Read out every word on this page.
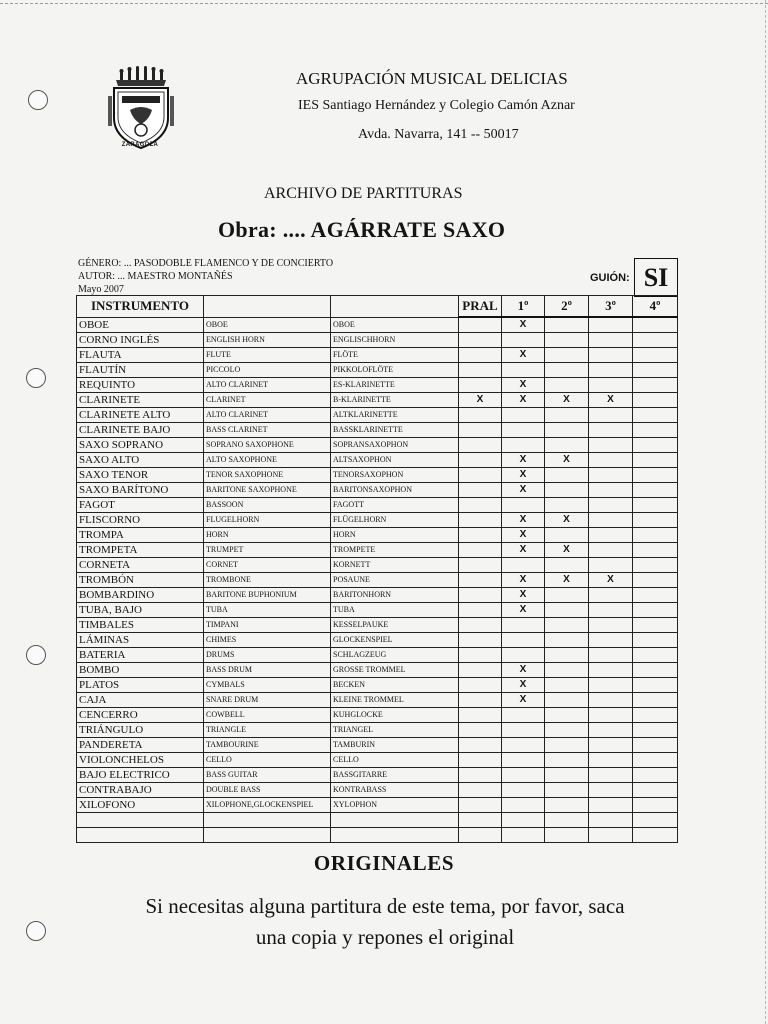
ZARAGOZA
AGRUPACIÓN MUSICAL DELICIAS
IES Santiago Hernández y Colegio Camón Aznar
Avda. Navarra, 141 -- 50017
ARCHIVO DE PARTITURAS
Obra: .... AGÁRRATE SAXO
GÉNERO: ... PASODOBLE FLAMENCO Y DE CONCIERTO
AUTOR: ... MAESTRO MONTAÑÉS
Mayo 2007
GUIÓN: SI
INSTRUMENTO			PRAL	1º	2º	3º	4º
OBOE	OBOE	OBOE		X			
CORNO INGLÉS	ENGLISH HORN	ENGLISCHHORN					
FLAUTA	FLUTE	FLÖTE		X			
FLAUTÍN	PICCOLO	PIKKOLOFLÖTE					
REQUINTO	ALTO CLARINET	ES-KLARINETTE		X			
CLARINETE	CLARINET	B-KLARINETTE	X	X	X	X	
CLARINETE ALTO	ALTO CLARINET	ALTKLARINETTE					
CLARINETE BAJO	BASS CLARINET	BASSKLARINETTE					
SAXO SOPRANO	SOPRANO SAXOPHONE	SOPRANSAXOPHON					
SAXO ALTO	ALTO SAXOPHONE	ALTSAXOPHON		X	X		
SAXO TENOR	TENOR SAXOPHONE	TENORSAXOPHON		X			
SAXO BARÍTONO	BARITONE SAXOPHONE	BARITONSAXOPHON		X			
FAGOT	BASSOON	FAGOTT					
FLISCORNO	FLUGELHORN	FLÜGELHORN		X	X		
TROMPA	HORN	HORN		X			
TROMPETA	TRUMPET	TROMPETE		X	X		
CORNETA	CORNET	KORNETT					
TROMBÓN	TROMBONE	POSAUNE		X	X	X	
BOMBARDINO	BARITONE BUPHONIUM	BARITONHORN		X			
TUBA, BAJO	TUBA	TUBA		X			
TIMBALES	TIMPANI	KESSELPAUKE					
LÁMINAS	CHIMES	GLOCKENSPIEL					
BATERIA	DRUMS	SCHLAGZEUG					
BOMBO	BASS DRUM	GROSSE TROMMEL		X			
PLATOS	CYMBALS	BECKEN		X			
CAJA	SNARE DRUM	KLEINE TROMMEL		X			
CENCERRO	COWBELL	KUHGLOCKE					
TRIÁNGULO	TRIANGLE	TRIANGEL					
PANDERETA	TAMBOURINE	TAMBURIN					
VIOLONCHELOS	CELLO	CELLO					
BAJO ELECTRICO	BASS GUITAR	BASSGITARRE					
CONTRABAJO	DOUBLE BASS	KONTRABASS					
XILOFONO	XILOPHONE,GLOCKENSPIEL	XYLOPHON					

ORIGINALES
Si necesitas alguna partitura de este tema, por favor, saca
una copia y repones el original
